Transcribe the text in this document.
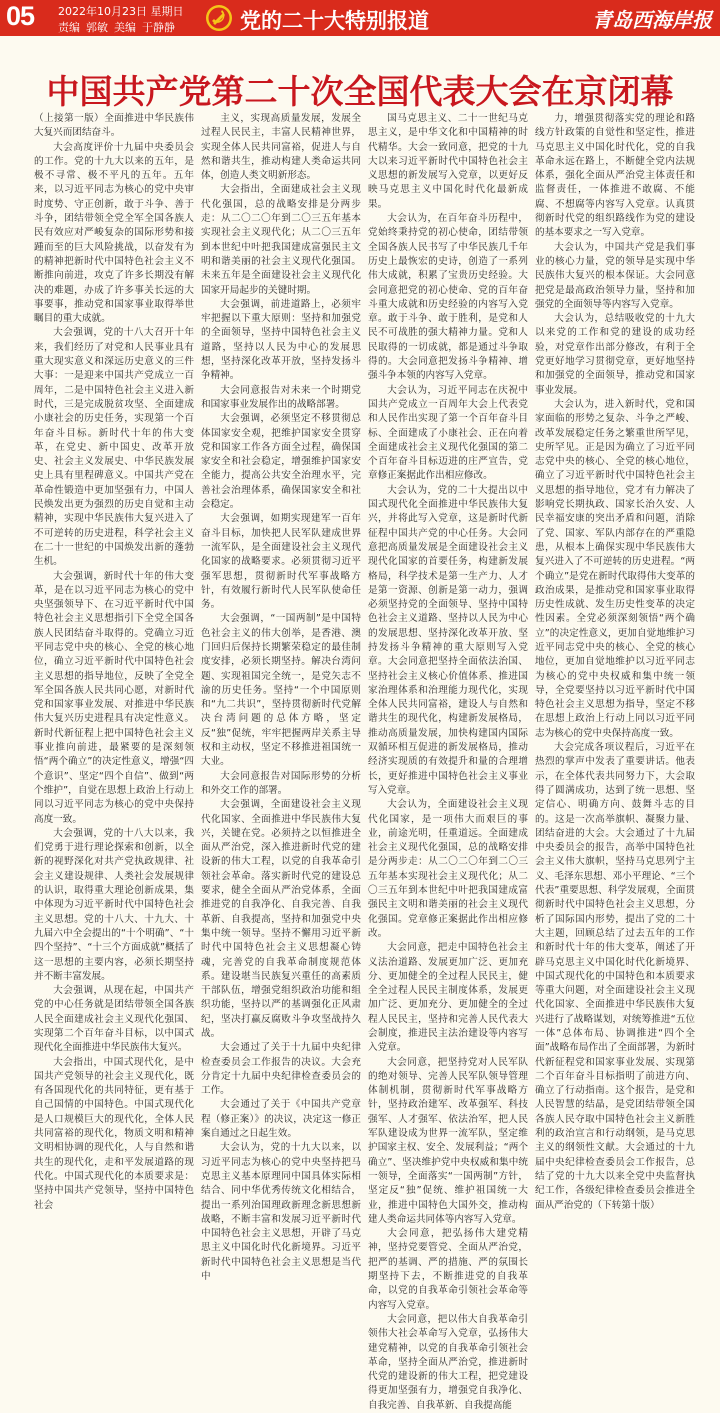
05 2022年10月23日 星期日
责编 郭敏 美编 于静静	党的二十大特别报道	青岛西海岸报
中国共产党第二十次全国代表大会在京闭幕

（上接第一版）全面推进中华民族伟大复兴而团结奋斗。

大会高度评价十九届中央委员会的工作。党的十九大以来的五年，是极不寻常、极不平凡的五年。五年来，以习近平同志为核心的党中央审时度势、守正创新，敢于斗争、善于斗争，团结带领全党全军全国各族人民有效应对严峻复杂的国际形势和接踵而至的巨大风险挑战，以奋发有为的精神把新时代中国特色社会主义不断推向前进，攻克了许多长期没有解决的难题，办成了许多事关长远的大事要事，推动党和国家事业取得举世瞩目的重大成就。

大会强调，党的十八大召开十年来，我们经历了对党和人民事业具有重大现实意义和深远历史意义的三件大事：一是迎来中国共产党成立一百周年，二是中国特色社会主义进入新时代，三是完成脱贫攻坚、全面建成小康社会的历史任务，实现第一个百年奋斗目标。新时代十年的伟大变革，在党史、新中国史、改革开放史、社会主义发展史、中华民族发展史上具有里程碑意义。中国共产党在革命性锻造中更加坚强有力，中国人民焕发出更为强烈的历史自觉和主动精神，实现中华民族伟大复兴进入了不可逆转的历史进程，科学社会主义在二十一世纪的中国焕发出新的蓬勃生机。

大会强调，新时代十年的伟大变革，是在以习近平同志为核心的党中央坚强领导下、在习近平新时代中国特色社会主义思想指引下全党全国各族人民团结奋斗取得的。党确立习近平同志党中央的核心、全党的核心地位，确立习近平新时代中国特色社会主义思想的指导地位，反映了全党全军全国各族人民共同心愿，对新时代党和国家事业发展、对推进中华民族伟大复兴历史进程具有决定性意义。新时代新征程上把中国特色社会主义事业推向前进，最紧要的是深刻领悟“两个确立”的决定性意义，增强“四个意识”、坚定“四个自信”、做到“两个维护”，自觉在思想上政治上行动上同以习近平同志为核心的党中央保持高度一致。

大会强调，党的十八大以来，我们党勇于进行理论探索和创新，以全新的视野深化对共产党执政规律、社会主义建设规律、人类社会发展规律的认识，取得重大理论创新成果，集中体现为习近平新时代中国特色社会主义思想。党的十八大、十九大、十九届六中全会提出的“十个明确”、“十四个坚持”、“十三个方面成就”概括了这一思想的主要内容，必须长期坚持并不断丰富发展。

大会强调，从现在起，中国共产党的中心任务就是团结带领全国各族人民全面建成社会主义现代化强国、实现第二个百年奋斗目标，以中国式现代化全面推进中华民族伟大复兴。

大会指出，中国式现代化，是中国共产党领导的社会主义现代化，既有各国现代化的共同特征，更有基于自己国情的中国特色。中国式现代化是人口规模巨大的现代化，全体人民共同富裕的现代化，物质文明和精神文明相协调的现代化，人与自然和谐共生的现代化，走和平发展道路的现代化。中国式现代化的本质要求是：坚持中国共产党领导，坚持中国特色社会

主义，实现高质量发展，发展全过程人民民主，丰富人民精神世界，实现全体人民共同富裕，促进人与自然和谐共生，推动构建人类命运共同体，创造人类文明新形态。

大会指出，全面建成社会主义现代化强国，总的战略安排是分两步走：从二〇二〇年到二〇三五年基本实现社会主义现代化；从二〇三五年到本世纪中叶把我国建成富强民主文明和谐美丽的社会主义现代化强国。未来五年是全面建设社会主义现代化国家开局起步的关键时期。

大会强调，前进道路上，必须牢牢把握以下重大原则：坚持和加强党的全面领导，坚持中国特色社会主义道路，坚持以人民为中心的发展思想，坚持深化改革开放，坚持发扬斗争精神。

大会同意报告对未来一个时期党和国家事业发展作出的战略部署。

大会强调，必须坚定不移贯彻总体国家安全观，把维护国家安全贯穿党和国家工作各方面全过程，确保国家安全和社会稳定，增强维护国家安全能力，提高公共安全治理水平，完善社会治理体系，确保国家安全和社会稳定。

大会强调，如期实现建军一百年奋斗目标，加快把人民军队建成世界一流军队，是全面建设社会主义现代化国家的战略要求。必须贯彻习近平强军思想，贯彻新时代军事战略方针，有效履行新时代人民军队使命任务。

大会强调，“一国两制”是中国特色社会主义的伟大创举，是香港、澳门回归后保持长期繁荣稳定的最佳制度安排，必须长期坚持。解决台湾问题、实现祖国完全统一，是党矢志不渝的历史任务。坚持“一个中国原则和“九二共识”，坚持贯彻新时代党解决台湾问题的总体方略，坚定反“独”促统，牢牢把握两岸关系主导权和主动权，坚定不移推进祖国统一大业。

大会同意报告对国际形势的分析和外交工作的部署。

大会强调，全面建设社会主义现代化国家、全面推进中华民族伟大复兴，关键在党。必须持之以恒推进全面从严治党，深入推进新时代党的建设新的伟大工程，以党的自我革命引领社会革命。落实新时代党的建设总要求，健全全面从严治党体系，全面推进党的自我净化、自我完善、自我革新、自我提高，坚持和加强党中央集中统一领导。坚持不懈用习近平新时代中国特色社会主义思想凝心铸魂，完善党的自我革命制度规范体系。建设堪当民族复兴重任的高素质干部队伍，增强党组织政治功能和组织功能，坚持以严的基调强化正风肃纪，坚决打赢反腐败斗争攻坚战持久战。

大会通过了关于十九届中央纪律检查委员会工作报告的决议。大会充分肯定十九届中央纪律检查委员会的工作。

大会通过了关于《中国共产党章程（修正案）》的决议，决定这一修正案自通过之日起生效。

大会认为，党的十九大以来，以习近平同志为核心的党中央坚持把马克思主义基本原理同中国具体实际相结合、同中华优秀传统文化相结合，提出一系列治国理政新理念新思想新战略，不断丰富和发展习近平新时代中国特色社会主义思想，开辟了马克思主义中国化时代化新境界。习近平新时代中国特色社会主义思想是当代中

国马克思主义、二十一世纪马克思主义，是中华文化和中国精神的时代精华。大会一致同意，把党的十九大以来习近平新时代中国特色社会主义思想的新发展写入党章，以更好反映马克思主义中国化时代化最新成果。

大会认为，在百年奋斗历程中，党始终秉持党的初心使命，团结带领全国各族人民书写了中华民族几千年历史上最恢宏的史诗，创造了一系列伟大成就，积累了宝贵历史经验。大会同意把党的初心使命、党的百年奋斗重大成就和历史经验的内容写入党章。敢于斗争、敢于胜利，是党和人民不可战胜的强大精神力量。党和人民取得的一切成就，都是通过斗争取得的。大会同意把发扬斗争精神、增强斗争本领的内容写入党章。

大会认为，习近平同志在庆祝中国共产党成立一百周年大会上代表党和人民作出实现了第一个百年奋斗目标、全面建成了小康社会、正在向着全面建成社会主义现代化强国的第二个百年奋斗目标迈进的庄严宣告，党章修正案据此作出相应修改。

大会认为，党的二十大提出以中国式现代化全面推进中华民族伟大复兴，并将此写入党章，这是新时代新征程中国共产党的中心任务。大会同意把高质量发展是全面建设社会主义现代化国家的首要任务，构建新发展格局，科学技术是第一生产力、人才是第一资源、创新是第一动力，强调必须坚持党的全面领导、坚持中国特色社会主义道路、坚持以人民为中心的发展思想、坚持深化改革开放、坚持发扬斗争精神的重大原则写入党章。大会同意把坚持全面依法治国、坚持社会主义核心价值体系、推进国家治理体系和治理能力现代化，实现全体人民共同富裕，建设人与自然和谐共生的现代化，构建新发展格局，推动高质量发展，加快构建国内国际双循环相互促进的新发展格局，推动经济实现质的有效提升和量的合理增长，更好推进中国特色社会主义事业写入党章。

大会认为，全面建设社会主义现代化国家，是一项伟大而艰巨的事业，前途光明，任重道远。全面建成社会主义现代化强国，总的战略安排是分两步走：从二〇二〇年到二〇三五年基本实现社会主义现代化；从二〇三五年到本世纪中叶把我国建成富强民主文明和谐美丽的社会主义现代化强国。党章修正案据此作出相应修改。

大会同意，把走中国特色社会主义法治道路、发展更加广泛、更加充分、更加健全的全过程人民民主，健全全过程人民民主制度体系，发展更加广泛、更加充分、更加健全的全过程人民民主，坚持和完善人民代表大会制度，推进民主法治建设等内容写入党章。

大会同意，把坚持党对人民军队的绝对领导、完善人民军队领导管理体制机制，贯彻新时代军事战略方针，坚持政治建军、改革强军、科技强军、人才强军、依法治军，把人民军队建设成为世界一流军队，坚定维护国家主权、安全、发展利益；“两个确立”、坚决维护党中央权威和集中统一领导，全面落实“一国两制”方针，坚定反“独”促统、维护祖国统一大业，推进中国特色大国外交，推动构建人类命运共同体等内容写入党章。

大会同意，把弘扬伟大建党精神，坚持党要管党、全面从严治党，把严的基调、严的措施、严的氛围长期坚持下去，不断推进党的自我革命，以党的自我革命引领社会革命等内容写入党章。

大会同意，把以伟大自我革命引领伟大社会革命写入党章，弘扬伟大建党精神，以党的自我革命引领社会革命，坚持全面从严治党，推进新时代党的建设新的伟大工程，把党建设得更加坚强有力，增强党自我净化、自我完善、自我革新、自我提高能

力，增强贯彻落实党的理论和路线方针政策的自觉性和坚定性，推进马克思主义中国化时代化，党的自我革命永远在路上，不断健全党内法规体系，强化全面从严治党主体责任和监督责任，一体推进不敢腐、不能腐、不想腐等内容写入党章。认真贯彻新时代党的组织路线作为党的建设的基本要求之一写入党章。

大会认为，中国共产党是我们事业的核心力量，党的领导是实现中华民族伟大复兴的根本保证。大会同意把党是最高政治领导力量，坚持和加强党的全面领导等内容写入党章。

大会认为，总结吸收党的十九大以来党的工作和党的建设的成功经验，对党章作出部分修改，有利于全党更好地学习贯彻党章，更好地坚持和加强党的全面领导，推动党和国家事业发展。

大会认为，进入新时代，党和国家面临的形势之复杂、斗争之严峻、改革发展稳定任务之繁重世所罕见，史所罕见。正是因为确立了习近平同志党中央的核心、全党的核心地位，确立了习近平新时代中国特色社会主义思想的指导地位，党才有力解决了影响党长期执政、国家长治久安、人民幸福安康的突出矛盾和问题，消除了党、国家、军队内部存在的严重隐患，从根本上确保实现中华民族伟大复兴进入了不可逆转的历史进程。“两个确立”是党在新时代取得伟大变革的政治成果，是推动党和国家事业取得历史性成就、发生历史性变革的决定性因素。全党必须深刻领悟“两个确立”的决定性意义，更加自觉地维护习近平同志党中央的核心、全党的核心地位，更加自觉地维护以习近平同志为核心的党中央权威和集中统一领导，全党要坚持以习近平新时代中国特色社会主义思想为指导，坚定不移在思想上政治上行动上同以习近平同志为核心的党中央保持高度一致。

大会完成各项议程后，习近平在热烈的掌声中发表了重要讲话。他表示，在全体代表共同努力下，大会取得了圆满成功，达到了统一思想、坚定信心、明确方向、鼓舞斗志的目的。这是一次高举旗帜、凝聚力量、团结奋进的大会。大会通过了十九届中央委员会的报告，高举中国特色社会主义伟大旗帜，坚持马克思列宁主义、毛泽东思想、邓小平理论、“三个代表”重要思想、科学发展观，全面贯彻新时代中国特色社会主义思想，分析了国际国内形势，提出了党的二十大主题，回顾总结了过去五年的工作和新时代十年的伟大变革，阐述了开辟马克思主义中国化时代化新境界、中国式现代化的中国特色和本质要求等重大问题，对全面建设社会主义现代化国家、全面推进中华民族伟大复兴进行了战略谋划，对统筹推进“五位一体”总体布局、协调推进“四个全面”战略布局作出了全面部署，为新时代新征程党和国家事业发展、实现第二个百年奋斗目标指明了前进方向、确立了行动指南。这个报告，是党和人民智慧的结晶，是党团结带领全国各族人民夺取中国特色社会主义新胜利的政治宣言和行动纲领，是马克思主义的纲领性文献。大会通过的十九届中央纪律检查委员会工作报告，总结了党的十九大以来全党中央监督执纪工作，各级纪律检查委员会推进全面从严治党的（下转第十版）
